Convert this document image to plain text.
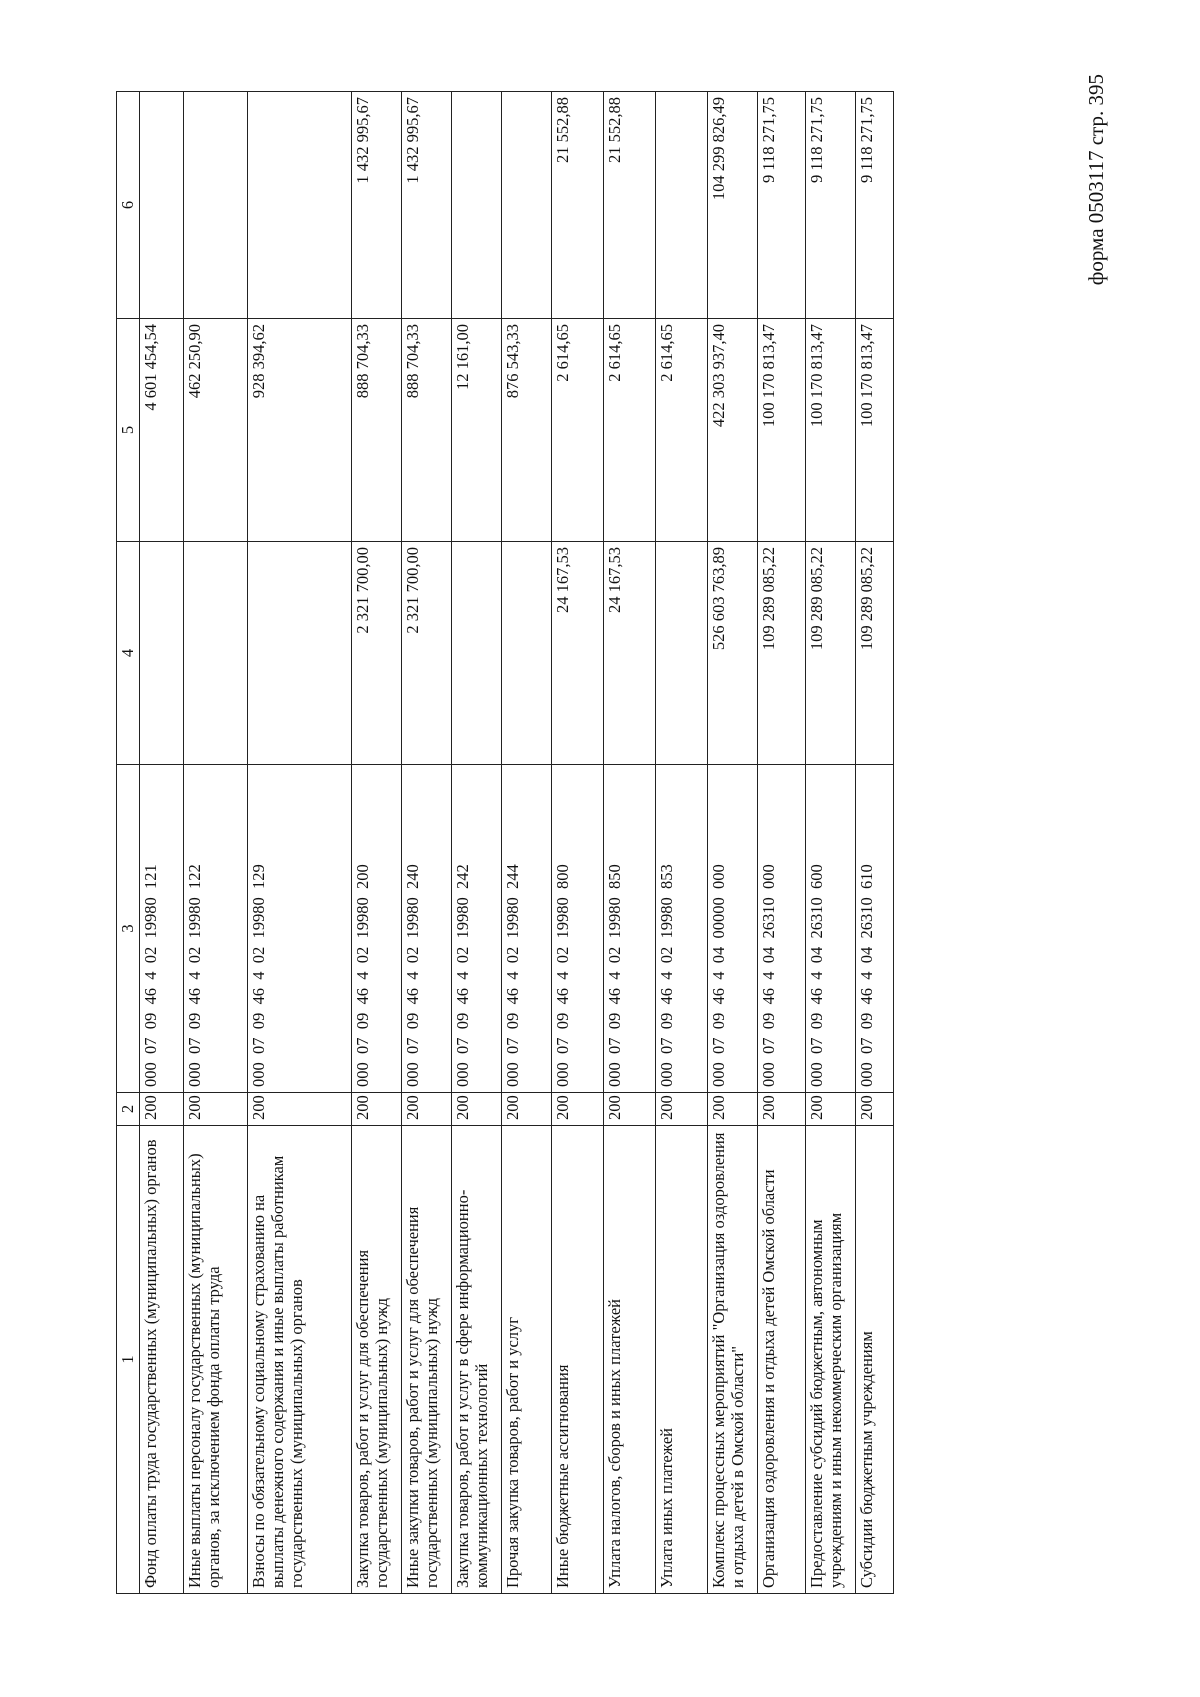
форма 0503117 стр. 395
1	2	3	4	5	6
Фонд оплаты труда государственных (муниципальных) органов	200	000 07 09 46 4 02 19980 121		4 601 454,54	
Иные выплаты персоналу государственных (муниципальных) органов, за исключением фонда оплаты труда	200	000 07 09 46 4 02 19980 122		462 250,90	
Взносы по обязательному социальному страхованию на выплаты денежного содержания и иные выплаты работникам государственных (муниципальных) органов	200	000 07 09 46 4 02 19980 129		928 394,62	
Закупка товаров, работ и услуг для обеспечения государственных (муниципальных) нужд	200	000 07 09 46 4 02 19980 200	2 321 700,00	888 704,33	1 432 995,67
Иные закупки товаров, работ и услуг для обеспечения государственных (муниципальных) нужд	200	000 07 09 46 4 02 19980 240	2 321 700,00	888 704,33	1 432 995,67
Закупка товаров, работ и услуг в сфере информационно-коммуникационных технологий	200	000 07 09 46 4 02 19980 242		12 161,00	
Прочая закупка товаров, работ и услуг	200	000 07 09 46 4 02 19980 244		876 543,33	
Иные бюджетные ассигнования	200	000 07 09 46 4 02 19980 800	24 167,53	2 614,65	21 552,88
Уплата налогов, сборов и иных платежей	200	000 07 09 46 4 02 19980 850	24 167,53	2 614,65	21 552,88
Уплата иных платежей	200	000 07 09 46 4 02 19980 853		2 614,65	
Комплекс процессных мероприятий "Организация оздоровления и отдыха детей в Омской области"	200	000 07 09 46 4 04 00000 000	526 603 763,89	422 303 937,40	104 299 826,49
Организация оздоровления и отдыха детей Омской области	200	000 07 09 46 4 04 26310 000	109 289 085,22	100 170 813,47	9 118 271,75
Предоставление субсидий бюджетным, автономным учреждениям и иным некоммерческим организациям	200	000 07 09 46 4 04 26310 600	109 289 085,22	100 170 813,47	9 118 271,75
Субсидии бюджетным учреждениям	200	000 07 09 46 4 04 26310 610	109 289 085,22	100 170 813,47	9 118 271,75
